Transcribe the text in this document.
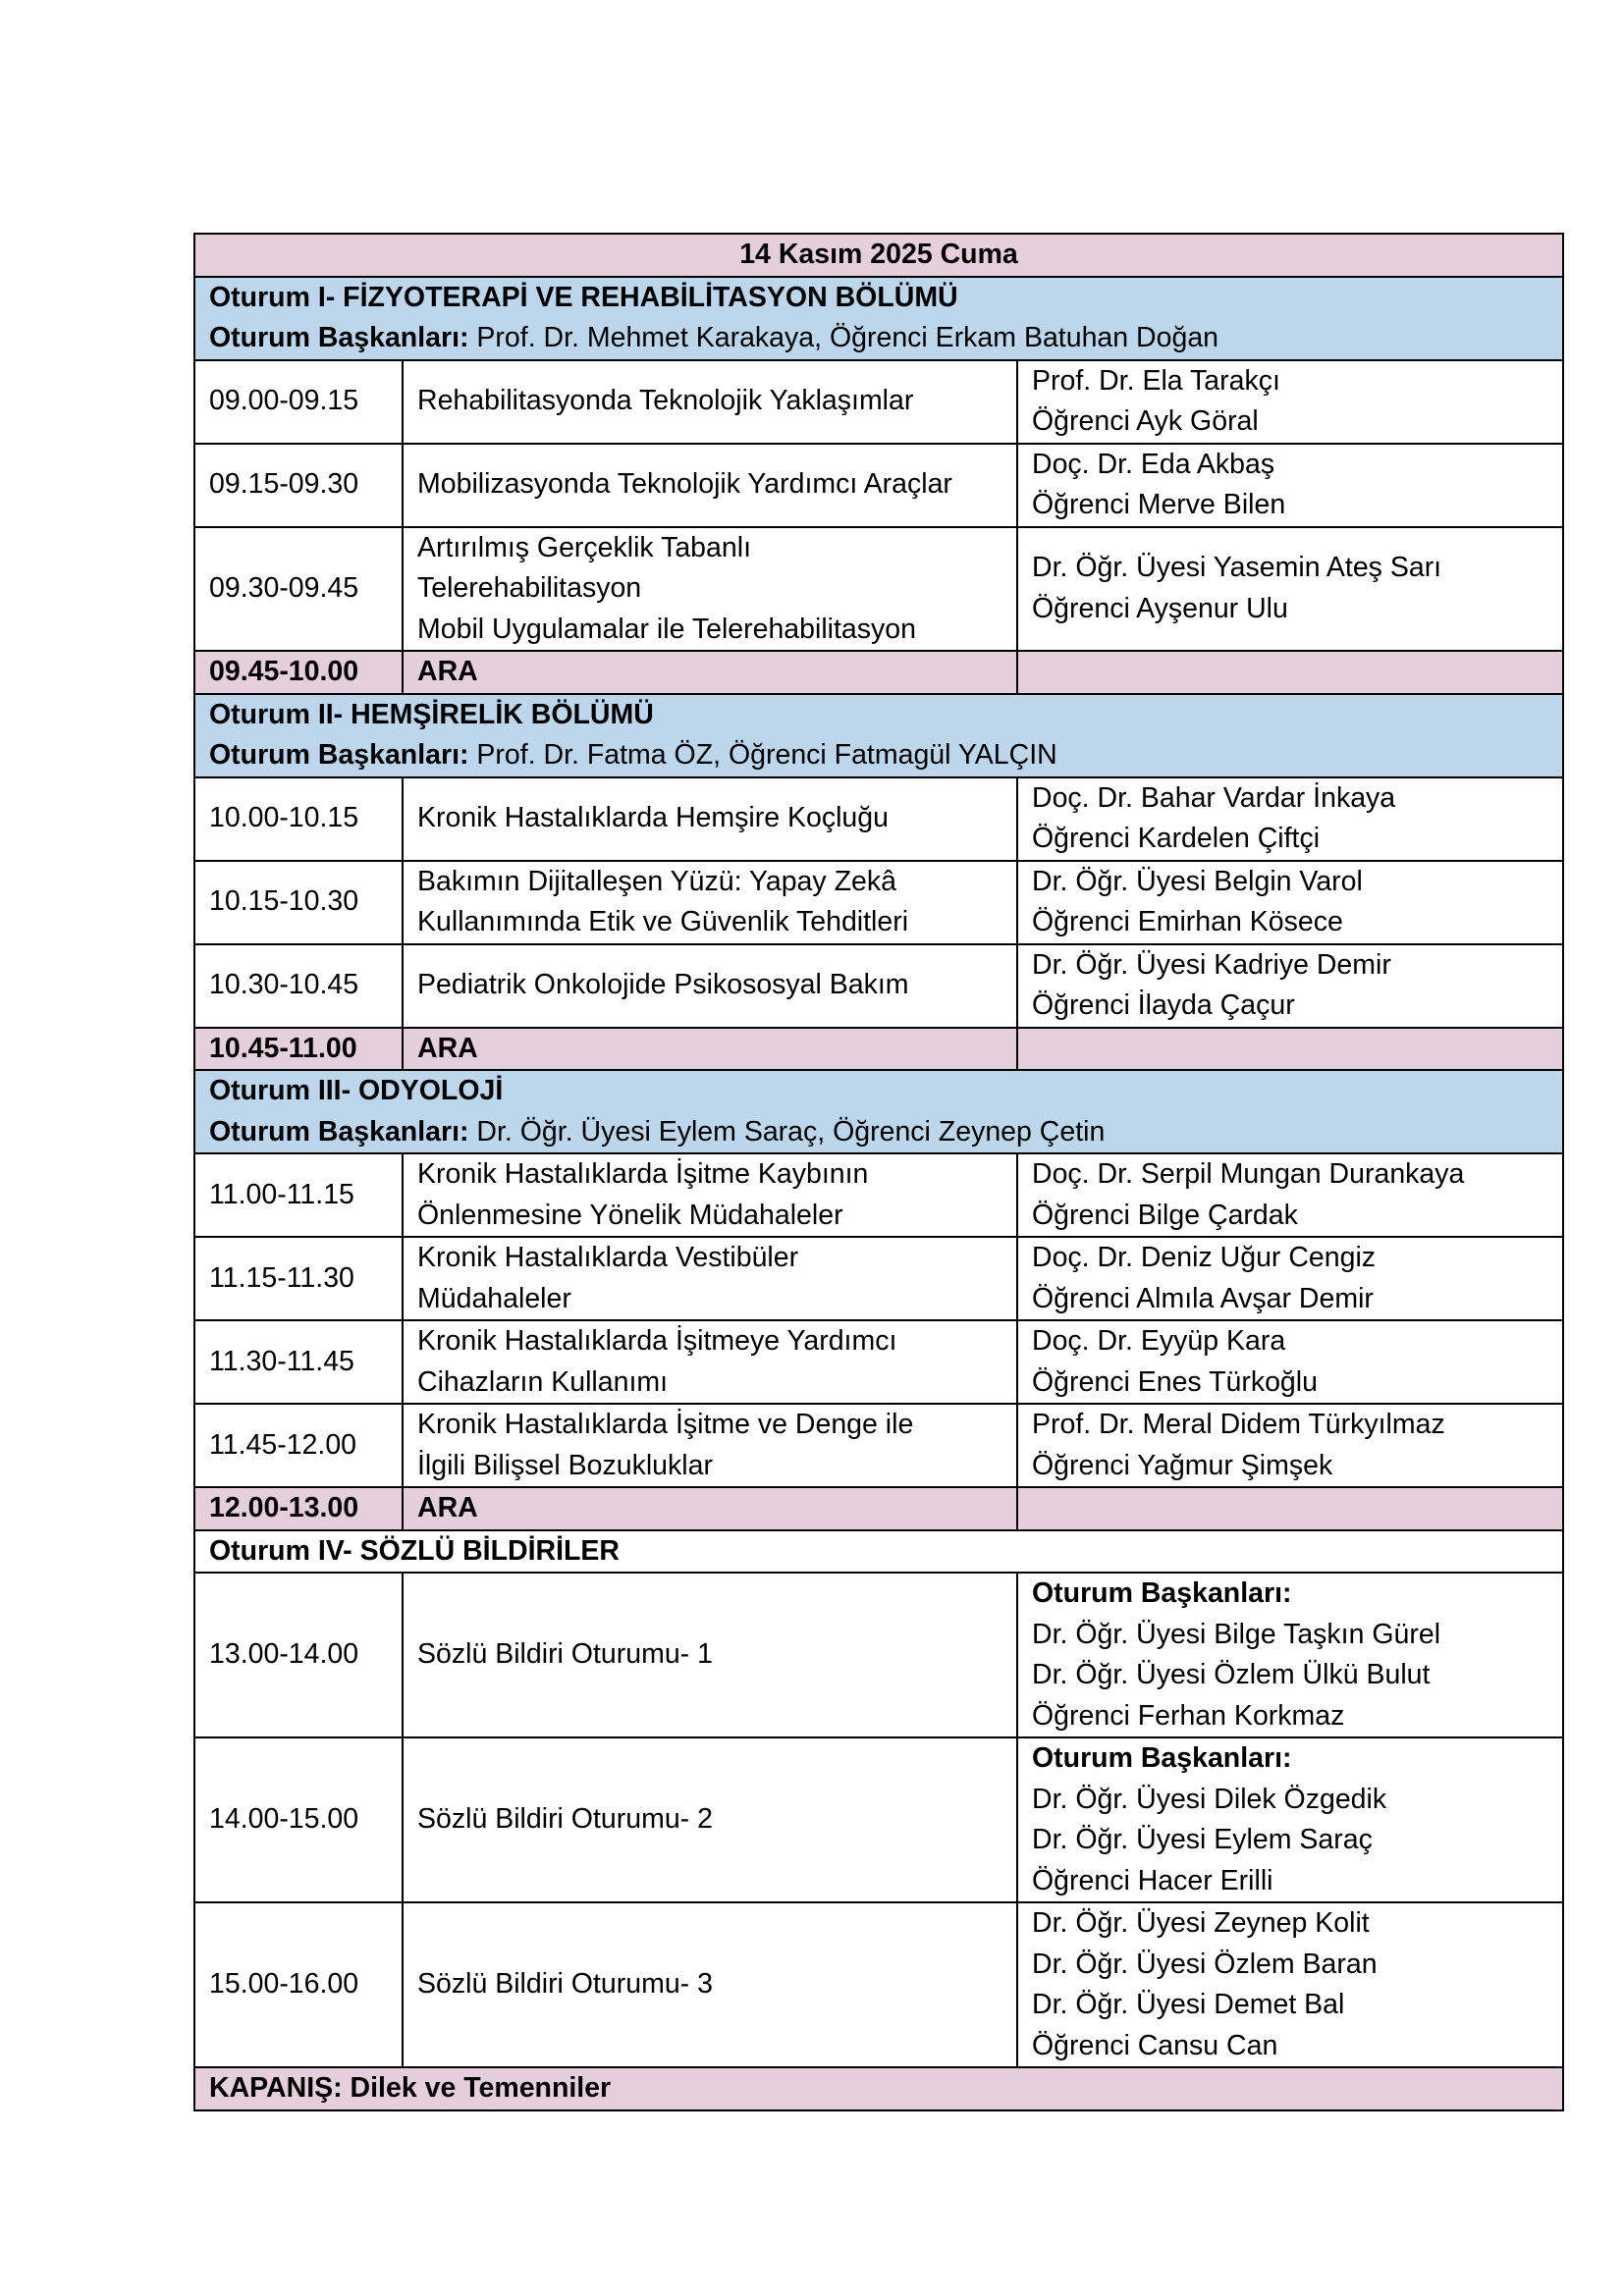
14 Kasım 2025 Cuma		

Oturum I- FİZYOTERAPİ VE REHABİLİTASYON BÖLÜMÜ
Oturum Başkanları: Prof. Dr. Mehmet Karakaya, Öğrenci Erkam Batuhan Doğan		

09.00-09.15	Rehabilitasyonda Teknolojik Yaklaşımlar	Prof. Dr. Ela Tarakçı
Öğrenci Ayk Göral

09.15-09.30	Mobilizasyonda Teknolojik Yardımcı Araçlar	Doç. Dr. Eda Akbaş
Öğrenci Merve Bilen

09.30-09.45	Artırılmış Gerçeklik Tabanlı
Telerehabilitasyon
Mobil Uygulamalar ile Telerehabilitasyon	Dr. Öğr. Üyesi Yasemin Ateş Sarı
Öğrenci Ayşenur Ulu

09.45-10.00	ARA	

Oturum II- HEMŞİRELİK BÖLÜMÜ
Oturum Başkanları: Prof. Dr. Fatma ÖZ, Öğrenci Fatmagül YALÇIN		

10.00-10.15	Kronik Hastalıklarda Hemşire Koçluğu	Doç. Dr. Bahar Vardar İnkaya
Öğrenci Kardelen Çiftçi

10.15-10.30	Bakımın Dijitalleşen Yüzü: Yapay Zekâ
Kullanımında Etik ve Güvenlik Tehditleri	Dr. Öğr. Üyesi Belgin Varol
Öğrenci Emirhan Kösece

10.30-10.45	Pediatrik Onkolojide Psikososyal Bakım	Dr. Öğr. Üyesi Kadriye Demir
Öğrenci İlayda Çaçur

10.45-11.00	ARA	

Oturum III- ODYOLOJİ
Oturum Başkanları: Dr. Öğr. Üyesi Eylem Saraç, Öğrenci Zeynep Çetin		

11.00-11.15	Kronik Hastalıklarda İşitme Kaybının
Önlenmesine Yönelik Müdahaleler	Doç. Dr. Serpil Mungan Durankaya
Öğrenci Bilge Çardak

11.15-11.30	Kronik Hastalıklarda Vestibüler
Müdahaleler	Doç. Dr. Deniz Uğur Cengiz
Öğrenci Almıla Avşar Demir

11.30-11.45	Kronik Hastalıklarda İşitmeye Yardımcı
Cihazların Kullanımı	Doç. Dr. Eyyüp Kara
Öğrenci Enes Türkoğlu

11.45-12.00	Kronik Hastalıklarda İşitme ve Denge ile
İlgili Bilişsel Bozukluklar	Prof. Dr. Meral Didem Türkyılmaz
Öğrenci Yağmur Şimşek

12.00-13.00	ARA	
Oturum IV- SÖZLÜ BİLDİRİLER		
13.00-14.00	Sözlü Bildiri Oturumu- 1	Oturum Başkanları:
Dr. Öğr. Üyesi Bilge Taşkın Gürel
Dr. Öğr. Üyesi Özlem Ülkü Bulut
Öğrenci Ferhan Korkmaz

14.00-15.00	Sözlü Bildiri Oturumu- 2	Oturum Başkanları:
Dr. Öğr. Üyesi Dilek Özgedik
Dr. Öğr. Üyesi Eylem Saraç
Öğrenci Hacer Erilli

15.00-16.00	Sözlü Bildiri Oturumu- 3	Dr. Öğr. Üyesi Zeynep Kolit
Dr. Öğr. Üyesi Özlem Baran
Dr. Öğr. Üyesi Demet Bal
Öğrenci Cansu Can

KAPANIŞ: Dilek ve Temenniler		
